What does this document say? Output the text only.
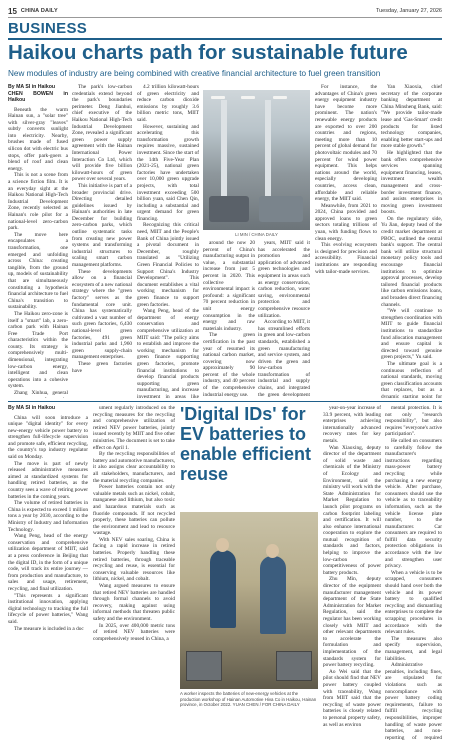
15 CHINA DAILY	Tuesday, January 27, 2026
BUSINESS
Haikou charts path for sustainable future
New modules of industry are being combined with creative financial architecture to fuel green transition
By MA SI in Haikou
CHEN BOWEN in Haikou

Beneath the warm Hainan sun, a "solar tree" with silver-gray "leaves" subtly converts sunlight into electricity. Nearby, brushes made of fused silicon dot with electric bus stops, offer park-goers a blend of roof and clean energy.

This is not a scene from a science fiction film. It is an everyday sight at the Haikou National High-Tech Industrial Development Zone, recently selected as Hainan's role pilot for a national-level zero-carbon park.

The move here encapsulates a transformation, one emerged and unfolding across China: creating tangible, from the ground up, models of sustainability that are simultaneously constituting a hypothesis financial architecture to fuel China's transition to sustainability.

The Haikou zero-zone is itself a "smart" lab, a zero-carbon park with Hainan Free Trade Port characteristics within the county. Its strategy is comprehensively multi-dimensional, integrating low-carbon energy, intelligent and clean operations into a cohesive system.

Zhang Xinhua, general

The park's low-carbon credentials extend beyond the park's boundaries perimeter. Deng Jianhui, chief executive of the Haikou National High-Tech Industrial Development Zone, revealed a significant green power supply agreement with the Hainan International Power Interaction Co Ltd, which will provide five billion kilowatt-hours of green power over several years.

This initiative is part of a broader provincial drive. Directing detailed guidelines issued by Hainan's authorities in late December for building zero-carbon parks, which outline systematic tasks from creating new power systems and transforming industrial structures to scaling smart carbon management platforms.

These developments allow on a financial ecosystem of a new national strategy where the "green factory" serves as the fundamental core unit. China has systematically cultivated a vast number of such green factories, 6,430 national-level green factories, 491 green industrial parks and 1,960 green supply-chain management enterprises.

These green factories have

4.2 trillion kilowatt-hours of green electricity and reduce carbon dioxide emissions by roughly 3.6 billion metric tons, MIIT said.

However, sustaining and accelerating this transformation growth requires massive, sustained investment. Since the start of the 14th Five-Year Plan (2021-25), national green factories have undertaken over 10,000 green upgrade projects, with total investment exceeding 500 billion yuan, said Chen Qin, including a substantial and urgent demand for green financing.

Recognizing this critical need, MIIT and the People's Bank of China jointly issued a pivotal document in December, roughly translated as "Utilizing Green Financial Policies to Support China's Industry Development". This document establishes a vital working mechanism for green finance to support green factories.

Wang Peng, head of the department of energy conservation and comprehensive utilization at MIIT said: "The policy aims to establish and improve the working mechanism for green finance supporting green factories, promote financial institutions to develop financial products supporting green manufacturing, and increase investment in areas like

LI MIN / CHINA DAILY

around the now 20 percent of China's manufacturing output in value, a substantial increase from just 5 percent in 2020. This collective environmental impact is profound: a significant 70 percent reduction in unit energy consumption in the energy and raw materials industry.

The green certification in the past year of resumed its national carbon market, covering now approximately 90 percent of the whole industry, and 40 percent of the comprehensive industrial energy use.

years, MIIT said it has accelerated the promotion and application of advanced green technologies and equipment in areas such as energy conservation, carbon reduction, water saving, environmental protection and comprehensive resource utilization.

According to MIIT, it has streamlined efforts in green and low-carbon standards, established a green manufacturing and service system, and driven the green and low-carbon transformation of industrial and supply chains, and integrated the green development

For instance, the advantages of China's green energy equipment industry have become more prominent. The nation's renewable energy products are exported to over 200 countries and regions, meeting more than 10 percent of global demand for photovoltaic modules and 70 percent for wind power equipment. This helps nations around the world, especially developing countries, access clean, affordable and reliable energy, the MIIT said.

Meanwhile, from 2021 to 2024, China provided and approved loans to green sectors totaling trillions of yuan, with funding flows to clean energy.

This evolving ecosystem is designed for precision and accessibility. Financial institutions are responding with tailor-made services.

Yan Xiaoxia, chief secretary of the corporate banking department at China Minsheng Bank, said: "We provide tailor-made lease and 'Gas-Smart' credit products for listed technology companies, enabling better start-ups and more stable growth."

He highlighted that the bank offers comprehensive services spanning equipment financing, leases, investment wealth management and cross-border investment finance, and assists enterprises in moving green investment boosts.

On the regulatory side, Yu Jian, deputy head of the credit market department at PBOC, outlined the central bank's support. The central bank will utilize structural monetary policy tools and encourage financial institutions to optimize approval processes, develop tailored financial products like carbon emissions loans, and broaden direct financing channels.

"We will continue to strengthen coordination with MIIT to guide financial institutions to standardize fund allocation management and ensure capital is directed toward genuine green projects," Yu said.

The ultimate goal is a continuous reflection of national standards, moving green classification accounts that replaces, but as a dynamic starting point for

By MA SI in Haikou

China will soon introduce a unique "digital identity" for every new-energy vehicle power battery to strengthen full-lifecycle supervision and promote safe, efficient recycling, the country's top industry regulator said on Monday.

The move is part of newly released administrative measures aimed at standardized systems for handling retired batteries, as the country sees a wave of retiring power batteries in the coming years.

The volume of retired batteries in China is expected to exceed 1 million tons a year by 2030, according to the Ministry of Industry and Information Technology.

Wang Peng, head of the energy conservation and comprehensive utilization department of MIIT, said at a press conference in Beijing that the digital ID, in the form of a unique code, will track its entire journey — from production and manufacture, to sales and usage, retirement, recycling, and final utilization.

"This represents a significant institutional innovation, applying digital technology to tracking the full lifecycle of power batteries," Wang said.

The measure is included in a doc

ument regularly introduced on the recycling measures for the recycling and comprehensive utilization of retired NEV power batteries, jointly issued recently by MIIT and five other ministries. The document is set to take effect on April 1.

By the recycling responsibilities of battery and automotive manufacturers, it also assigns clear accountability to all stakeholders, manufacturers, and the material recycling companies.

Power batteries contain not only valuable metals such as nickel, cobalt, manganese and lithium, but also toxic and hazardous materials such as fluoride compounds. If not recycled properly, these batteries can pollute the environment and lead to resource wastage.

With NEV sales soaring, China is facing a rapid increase in retired batteries. Properly handling these retired batteries, through traceable recycling and reuse, is essential for conserving valuable resources like lithium, nickel, and cobalt.

Wang argued measures to ensure that retired NEV batteries are handled through formal channels to avoid recovery, making against using informal methods that threaten public safety and the environment.

In 2025, over 400,000 metric tons of retired NEV batteries were comprehensively reused in China, a

'Digital IDs' for EV batteries to enable efficient reuse
A worker inspects the batteries of new-energy vehicles at the production workshop of Hainan Automotive Hiva Co in Haikou, Hainan province, in October 2022. YUAN CHEN / FOR CHINA DAILY

year-on-year increase of 33.9 percent, with leading enterprises achieving internationally advanced recovery rates for key metals.

Wan Xiaoxing, deputy director of the department of solid waste and chemicals of the Ministry of Ecology and Environment, said the ministry will work with the State Administration for Market Regulation to launch pilot programs on carbon footprint labeling and certification. It will also enhance international cooperation to explore the mutual recognition of standards and factors, helping to improve the low-carbon competitiveness of power battery products.

Zhu Min, deputy director of the equipment manufacturer management department of the State Administration for Market Regulation, said the regulator has been working closely with MIIT and other relevant departments to accelerate the formulation and implementation of the standards system for power battery recycling.

Ao Wei said that the pilot should find that NEV power battery coupled with traceability, Wang from MIIT said that the recycling of waste power batteries is closely related to personal property safety, as well as environ

mental protection. It is not only "research responsibility", but also requires "everyone's active participation".

He called on consumers to carefully follow the manufacturer's instructions regarding mass-power battery recycling while purchasing a new energy vehicle. After purchase, consumers should use the vehicle as to traceability information, such as the vehicle license plate number, to the manufacturer. Car consumers are required to fulfill data security protection obligations in accordance with the law and strengthen user privacy.

When a vehicle is to be scrapped, consumers should hand over both the vehicle and its power battery to qualified recycling and dismantling enterprises to complete the scrapping procedures in accordance with the relevant rules.

The measures also specify supervision, management, and legal liabilities.

Administrative penalties, including fines, are stipulated for violations such as noncompliance with power battery coding requirements, failure to fulfill recycling responsibilities, improper handling of waste power batteries, and non-reporting of required
